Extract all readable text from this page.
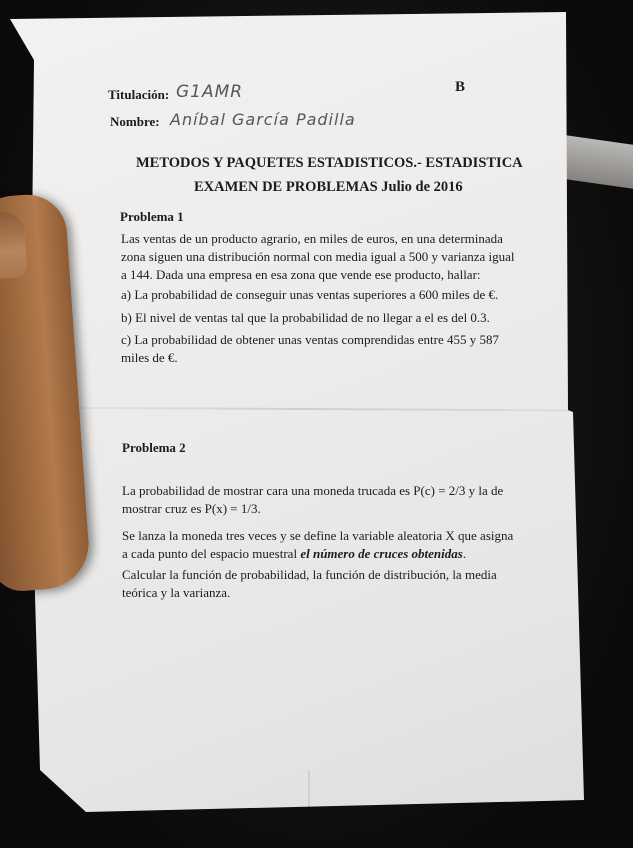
Titulación: G1AMR	B
Nombre: Aníbal García Padilla
METODOS Y PAQUETES ESTADISTICOS.- ESTADISTICA
EXAMEN DE PROBLEMAS Julio de 2016
Problema 1
Las ventas de un producto agrario, en miles de euros, en una determinada
zona siguen una distribución normal con media igual a 500 y varianza igual
a 144. Dada una empresa en esa zona que vende ese producto, hallar:
a) La probabilidad de conseguir unas ventas superiores a 600 miles de €.
b) El nivel de ventas tal que la probabilidad de no llegar a el es del 0.3.
c) La probabilidad de obtener unas ventas comprendidas entre 455 y 587
miles de €.
Problema 2
La probabilidad de mostrar cara una moneda trucada es P(c) = 2/3 y la de
mostrar cruz es P(x) = 1/3.
Se lanza la moneda tres veces y se define la variable aleatoria X que asigna
a cada punto del espacio muestral el número de cruces obtenidas.
Calcular la función de probabilidad, la función de distribución, la media
teórica y la varianza.
